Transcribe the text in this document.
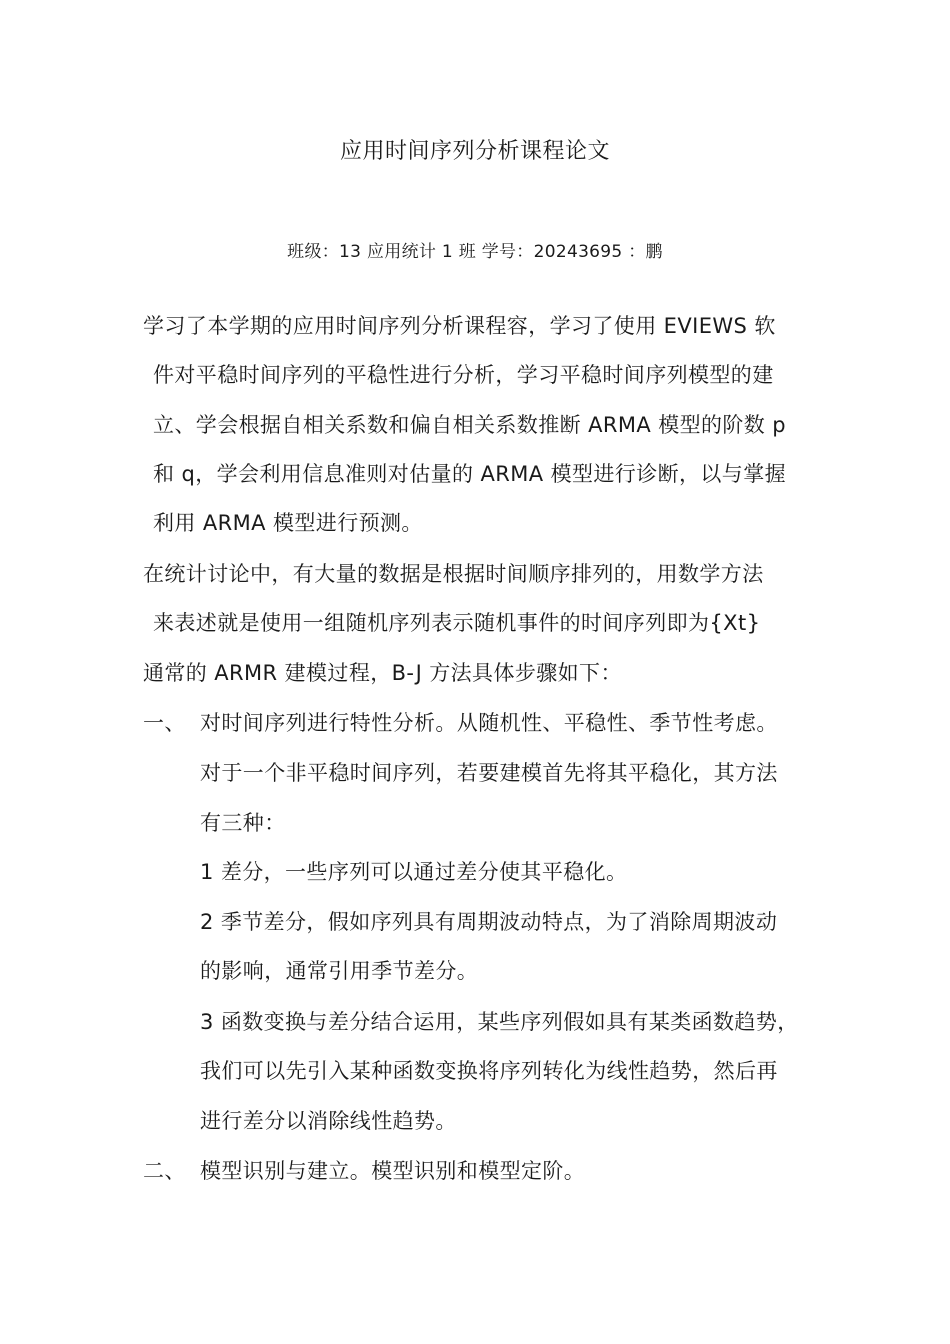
应用时间序列分析课程论文
班级：13 应用统计 1 班 学号：20243695 ：鹏
学习了本学期的应用时间序列分析课程容，学习了使用 EVIEWS 软
件对平稳时间序列的平稳性进行分析，学习平稳时间序列模型的建
立、学会根据自相关系数和偏自相关系数推断 ARMA 模型的阶数 p
和 q，学会利用信息准则对估量的 ARMA 模型进行诊断，以与掌握
利用 ARMA 模型进行预测。
在统计讨论中，有大量的数据是根据时间顺序排列的，用数学方法
来表述就是使用一组随机序列表示随机事件的时间序列即为{Xt}
通常的 ARMR 建模过程，B-J 方法具体步骤如下：
一、 对时间序列进行特性分析。从随机性、平稳性、季节性考虑。
对于一个非平稳时间序列，若要建模首先将其平稳化，其方法
有三种：
1 差分，一些序列可以通过差分使其平稳化。
2 季节差分，假如序列具有周期波动特点，为了消除周期波动
的影响，通常引用季节差分。
3 函数变换与差分结合运用，某些序列假如具有某类函数趋势，
我们可以先引入某种函数变换将序列转化为线性趋势，然后再
进行差分以消除线性趋势。
二、 模型识别与建立。模型识别和模型定阶。
